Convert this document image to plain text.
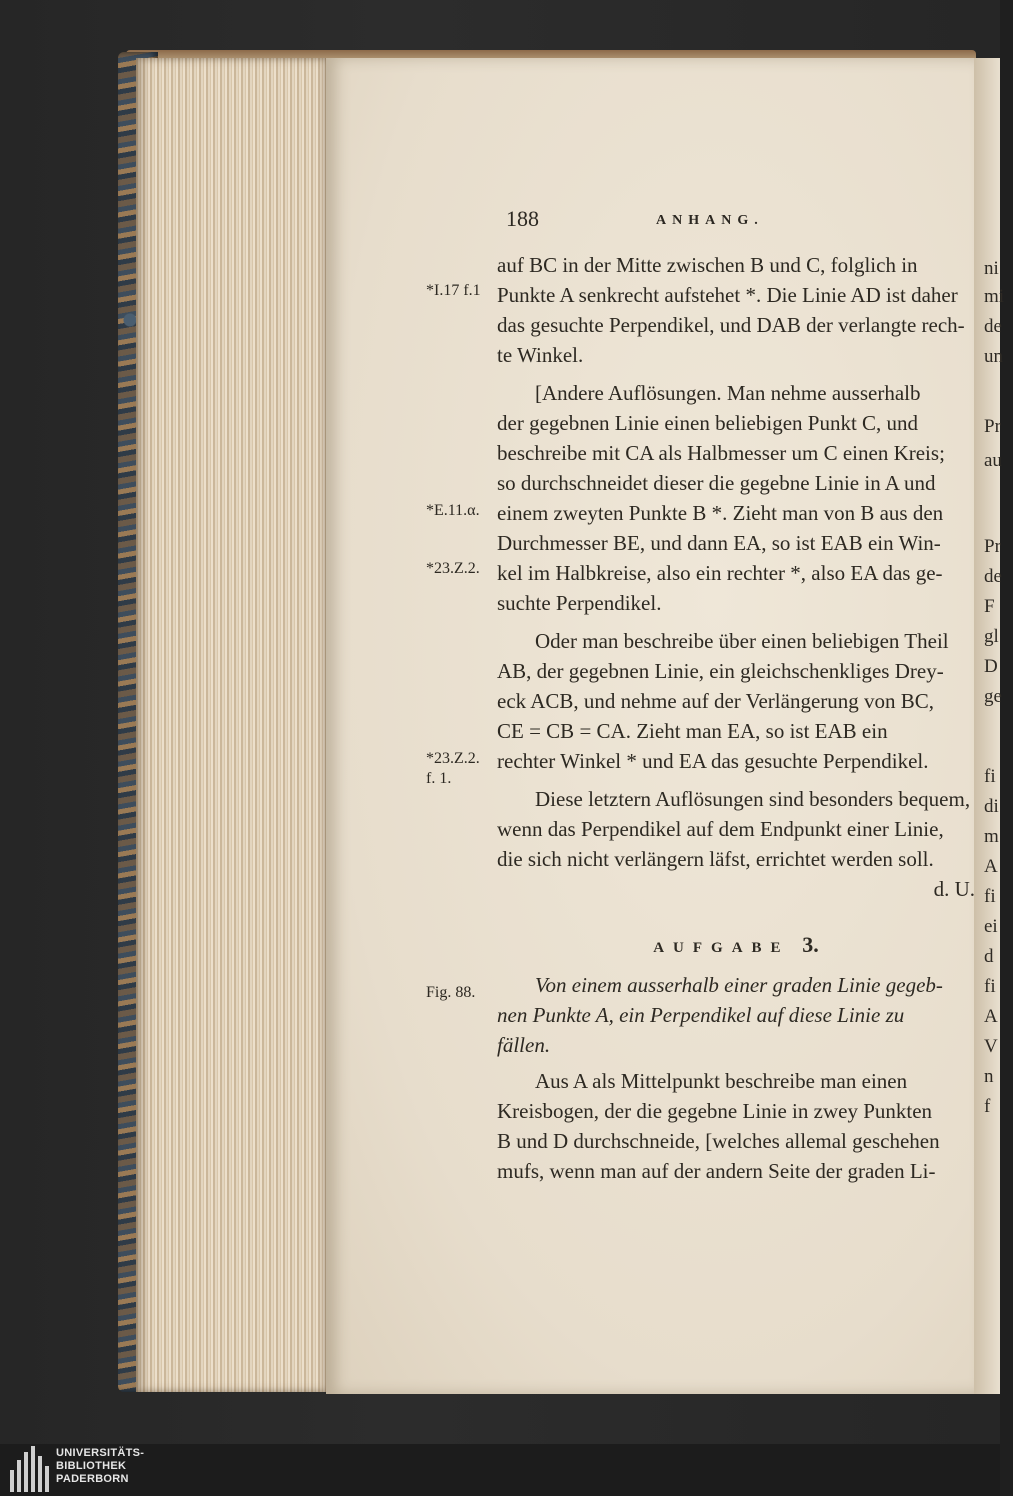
ni
mi
de
un
Pr
au
Pr
de
F
gl
D
ge
fi
di
m
A
fi
ei
d
fi
A
V
n
f
188	ANHANG.
auf BC in der Mitte zwischen B und C, folglich in
Punkte A senkrecht aufstehet *. Die Linie AD ist daher
das gesuchte Perpendikel, und DAB der verlangte rech-
te Winkel.
[Andere Auflösungen. Man nehme ausserhalb
der gegebnen Linie einen beliebigen Punkt C, und
beschreibe mit CA als Halbmesser um C einen Kreis;
so durchschneidet dieser die gegebne Linie in A und
einem zweyten Punkte B *. Zieht man von B aus den
Durchmesser BE, und dann EA, so ist EAB ein Win-
kel im Halbkreise, also ein rechter *, also EA das ge-
suchte Perpendikel.
Oder man beschreibe über einen beliebigen Theil
AB, der gegebnen Linie, ein gleichschenkliges Drey-
eck ACB, und nehme auf der Verlängerung von BC,
CE = CB = CA. Zieht man EA, so ist EAB ein
rechter Winkel * und EA das gesuchte Perpendikel.
Diese letztern Auflösungen sind besonders bequem,
wenn das Perpendikel auf dem Endpunkt einer Linie,
die sich nicht verlängern läfst, errichtet werden soll.
d. U.
AUFGABE 3.
Von einem ausserhalb einer graden Linie gegeb-
nen Punkte A, ein Perpendikel auf diese Linie zu
fällen.
Aus A als Mittelpunkt beschreibe man einen
Kreisbogen, der die gegebne Linie in zwey Punkten
B und D durchschneide, [welches allemal geschehen
mufs, wenn man auf der andern Seite der graden Li-
*I.17 f.1
*E.11.α.
*23.Z.2.
*23.Z.2.
f. 1.
Fig. 88.
UNIVERSITÄTS-
BIBLIOTHEK
PADERBORN
